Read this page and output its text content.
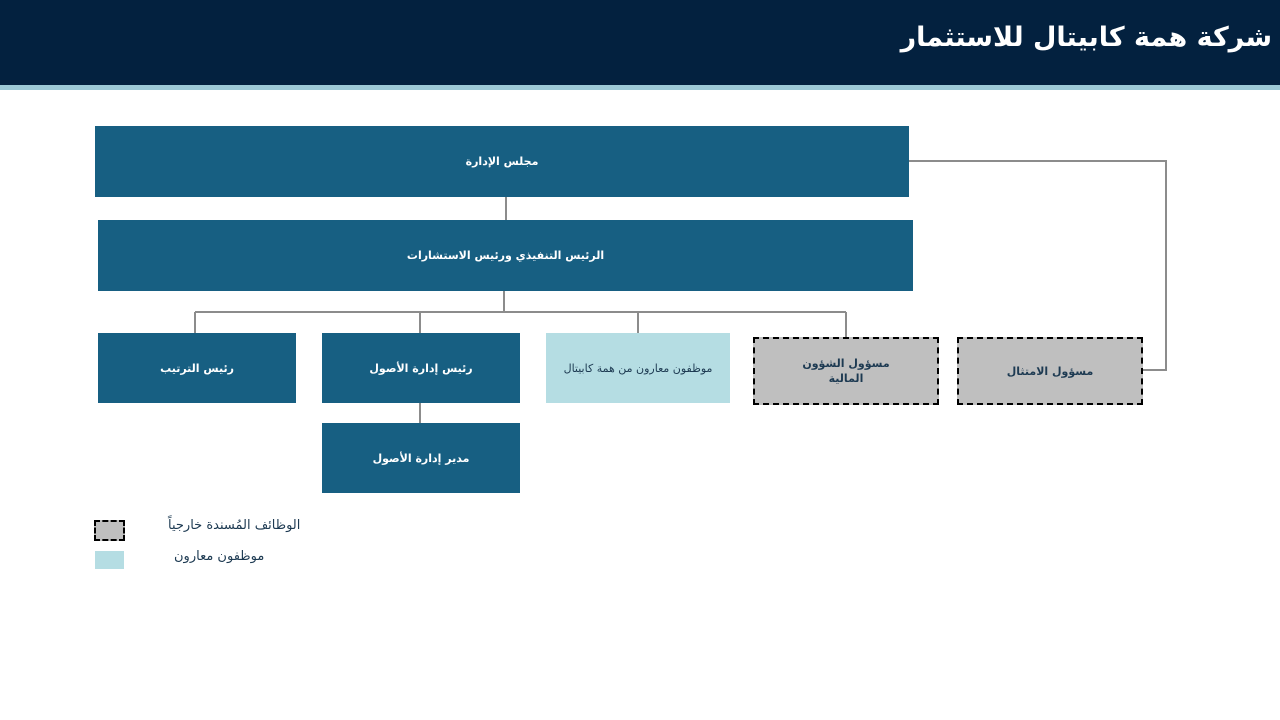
شركة همة كابيتال للاستثمار
مجلس الإدارة
الرئيس التنفيذي ورئيس الاستشارات
رئيس الترتيب	رئيس إدارة الأصول	موظفون معارون من همة كابيتال	مسؤول الشؤون المالية
مسؤول الامتثال
مدير إدارة الأصول
الوظائف المُسندة خارجياً
موظفون معارون
